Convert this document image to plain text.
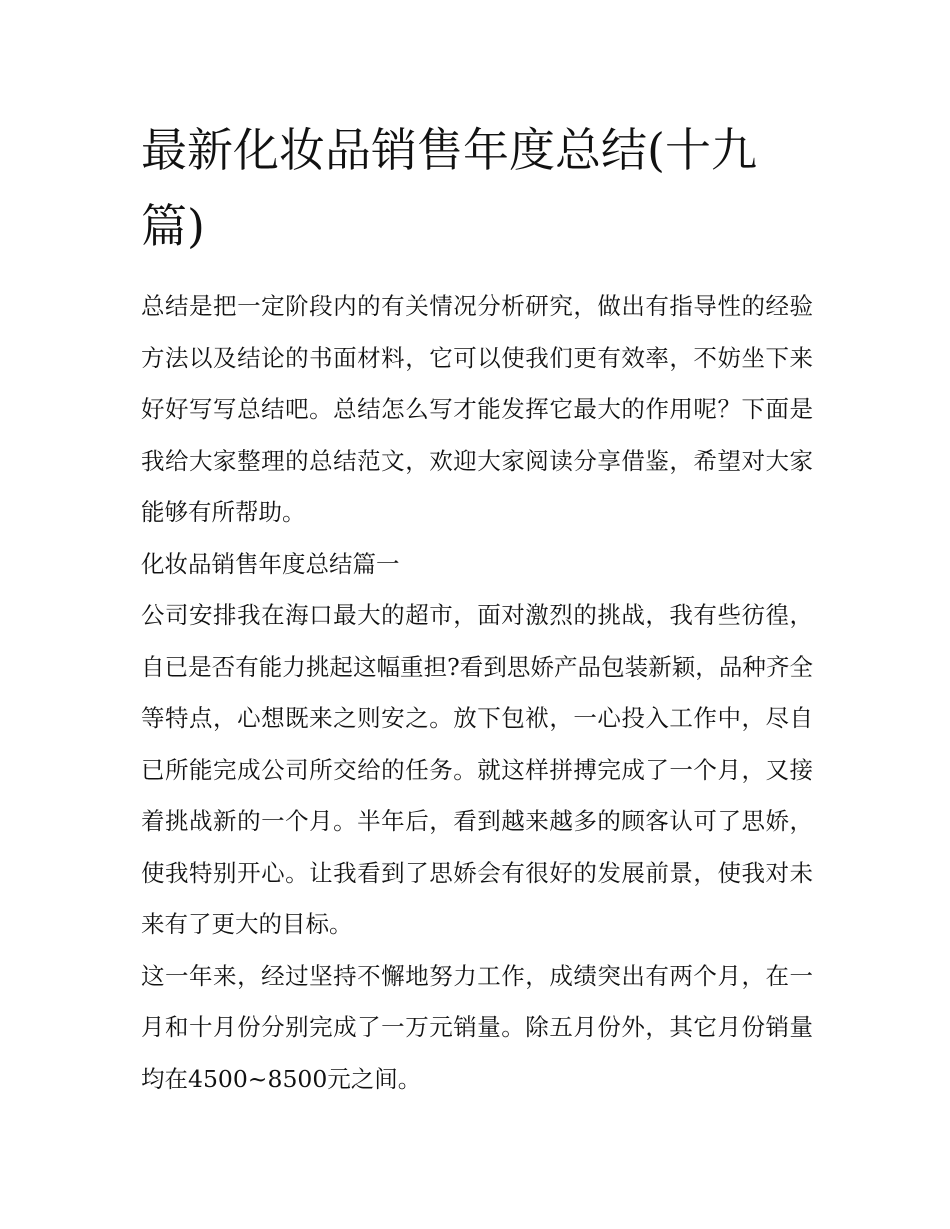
最新化妆品销售年度总结(十九篇)

总结是把一定阶段内的有关情况分析研究，做出有指导性的经验方法以及结论的书面材料，它可以使我们更有效率，不妨坐下来好好写写总结吧。总结怎么写才能发挥它最大的作用呢？下面是我给大家整理的总结范文，欢迎大家阅读分享借鉴，希望对大家能够有所帮助。

化妆品销售年度总结篇一

公司安排我在海口最大的超市，面对激烈的挑战，我有些彷徨，自已是否有能力挑起这幅重担?看到思娇产品包装新颖，品种齐全等特点，心想既来之则安之。放下包袱，一心投入工作中，尽自已所能完成公司所交给的任务。就这样拼搏完成了一个月，又接着挑战新的一个月。半年后，看到越来越多的顾客认可了思娇，使我特别开心。让我看到了思娇会有很好的发展前景，使我对未来有了更大的目标。

这一年来，经过坚持不懈地努力工作，成绩突出有两个月，在一月和十月份分别完成了一万元销量。除五月份外，其它月份销量均在4500~8500元之间。
